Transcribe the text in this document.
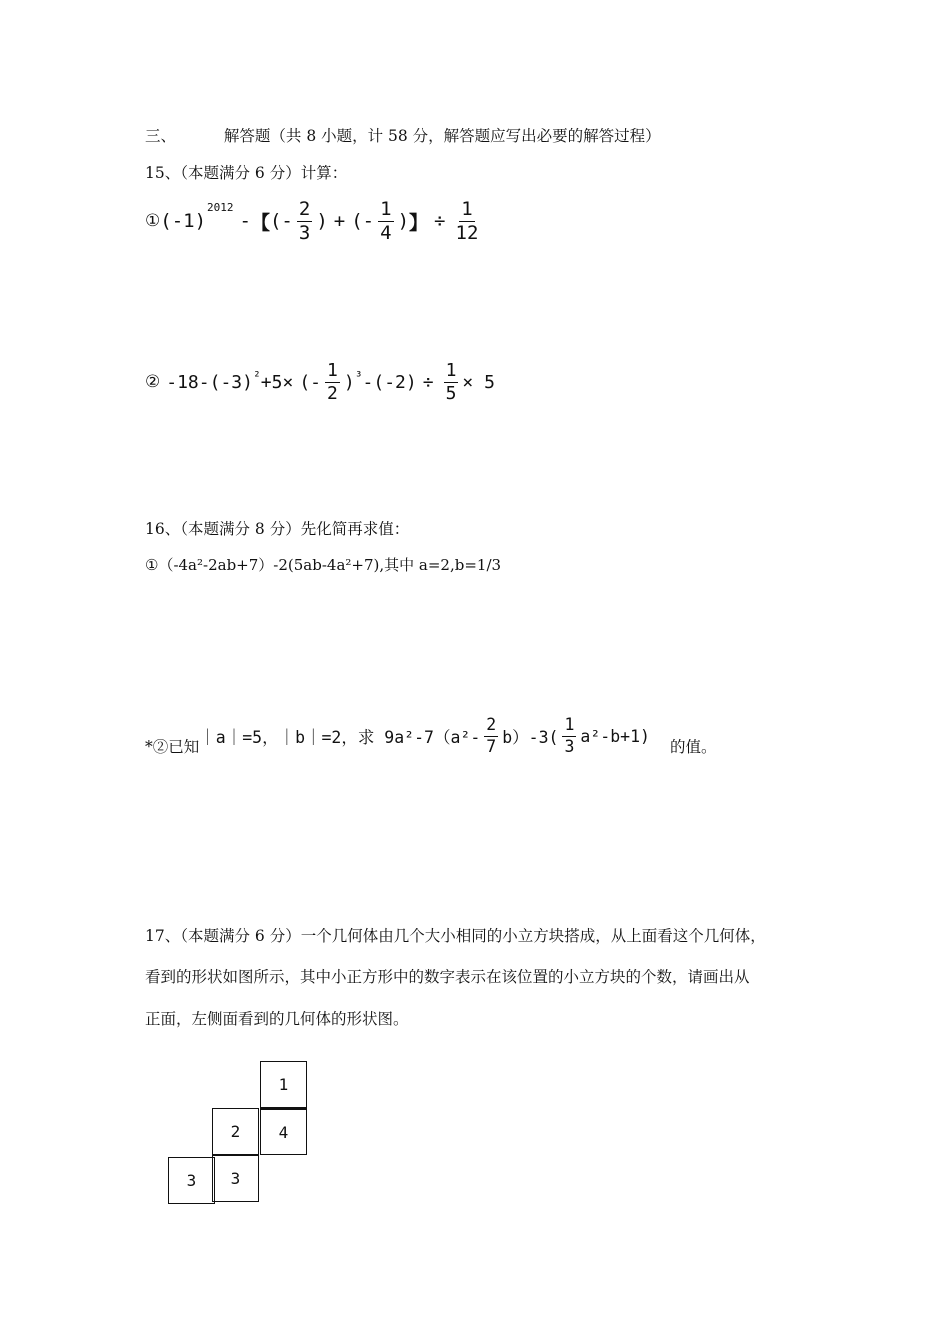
三、	解答题（共 8 小题，计 58 分，解答题应写出必要的解答过程）
15、（本题满分 6 分）计算：
① (-1)
2012
- 【 (- $\frac{2}{3}$ ) + (- $\frac{1}{4}$ ) 】 ÷ $\frac{1}{12}$
② -18- (-3) ² +5× (- $\frac{1}{2}$ ) $^3 - (-2) \div \frac{1}{5} \times 5$
16、（本题满分 8 分）先化简再求值：
①（-4a²-2ab+7）-2(5ab-4a²+7),其中 a=2,b=1/3
*②已知 ｜a｜=5，｜b｜=2，求 $9a^2-7(a^2- \frac{2}{7} b)-3( \frac{1}{3} a^2-b+1)$
的值。
17、（本题满分 6 分）一个几何体由几个大小相同的小立方块搭成，从上面看这个几何体，
看到的形状如图所示，其中小正方形中的数字表示在该位置的小立方块的个数，请画出从
正面，左侧面看到的几何体的形状图。
1
2	4
3	3
